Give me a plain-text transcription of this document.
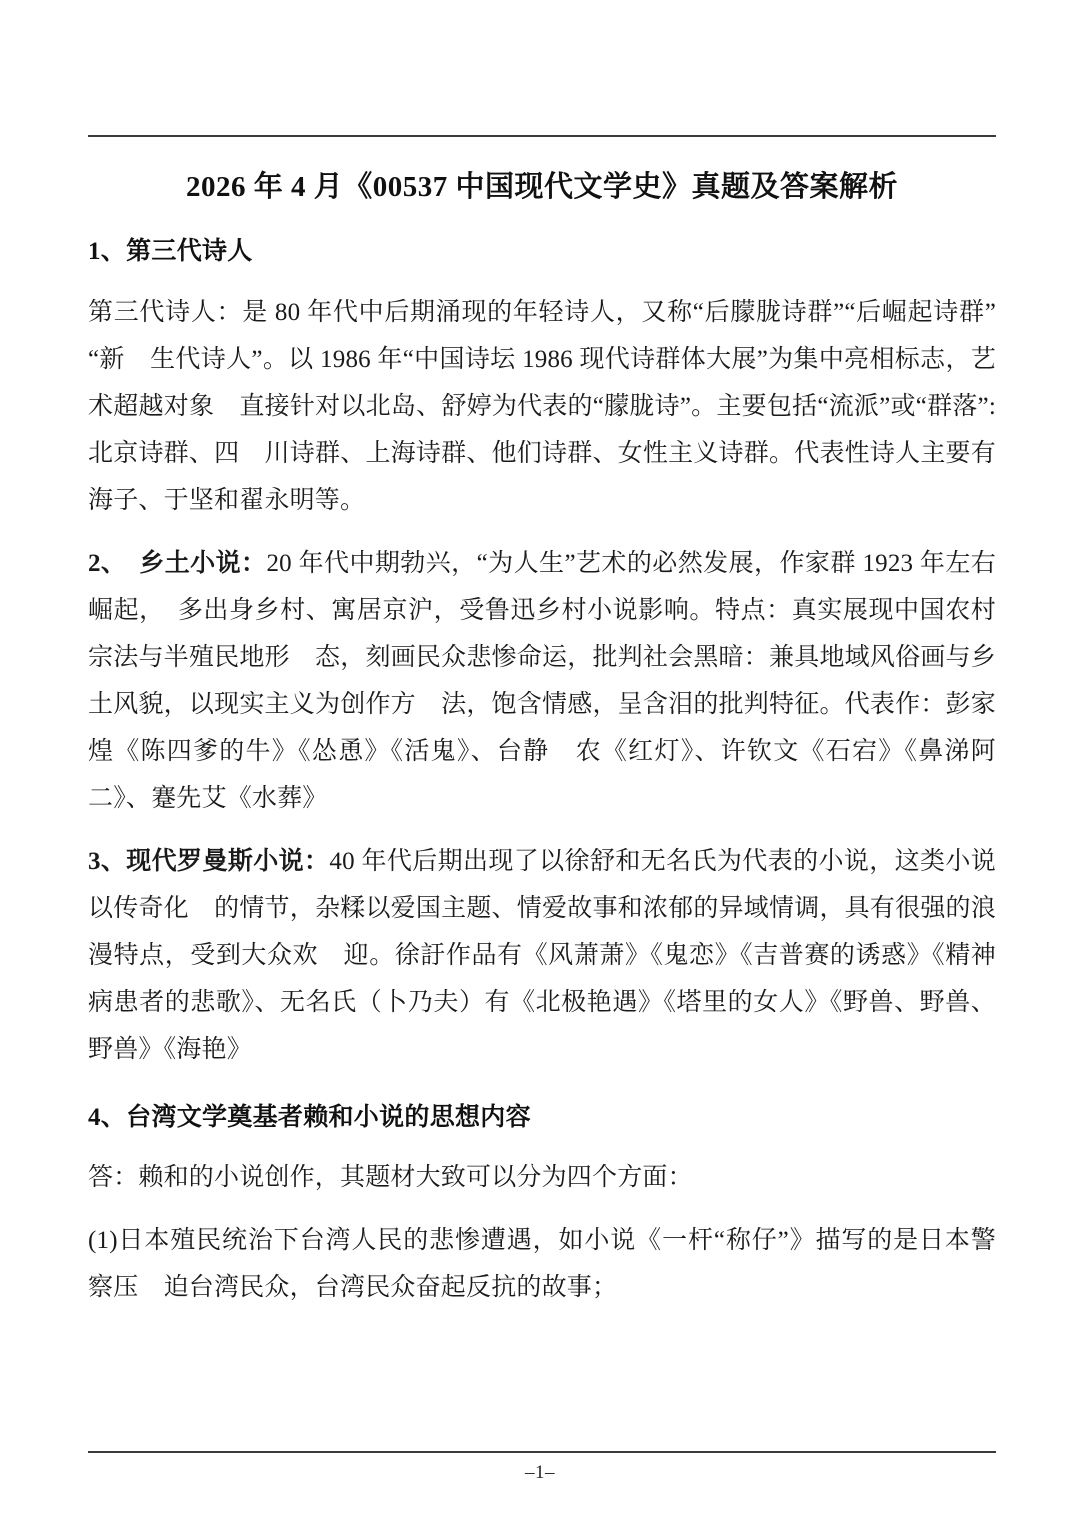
2026 年 4 月《00537 中国现代文学史》真题及答案解析
1、第三代诗人

第三代诗人：是 80 年代中后期涌现的年轻诗人，又称“后朦胧诗群”“后崛起诗群”“新　生代诗人”。以 1986 年“中国诗坛 1986 现代诗群体大展”为集中亮相标志，艺术超越对象　直接针对以北岛、舒婷为代表的“朦胧诗”。主要包括“流派”或“群落”:北京诗群、四　川诗群、上海诗群、他们诗群、女性主义诗群。代表性诗人主要有海子、于坚和翟永明等。

2、　乡土小说：20 年代中期勃兴，“为人生”艺术的必然发展，作家群 1923 年左右崛起，　多出身乡村、寓居京沪，受鲁迅乡村小说影响。特点：真实展现中国农村宗法与半殖民地形　态，刻画民众悲惨命运，批判社会黑暗：兼具地域风俗画与乡土风貌，以现实主义为创作方　法，饱含情感，呈含泪的批判特征。代表作：彭家煌《陈四爹的牛》《怂恿》《活鬼》、台静　农《红灯》、许钦文《石宕》《鼻涕阿二》、蹇先艾《水葬》

3、现代罗曼斯小说：40 年代后期出现了以徐舒和无名氏为代表的小说，这类小说以传奇化　的情节，杂糅以爱国主题、情爱故事和浓郁的异域情调，具有很强的浪漫特点，受到大众欢　迎。徐訏作品有《风萧萧》《鬼恋》《吉普赛的诱惑》《精神病患者的悲歌》、无名氏（卜乃夫）有《北极艳遇》《塔里的女人》《野兽、野兽、野兽》《海艳》

4、台湾文学奠基者赖和小说的思想内容

答：赖和的小说创作，其题材大致可以分为四个方面：

(1)日本殖民统治下台湾人民的悲惨遭遇，如小说《一杆“称仔”》描写的是日本警察压　迫台湾民众，台湾民众奋起反抗的故事；

–1–
